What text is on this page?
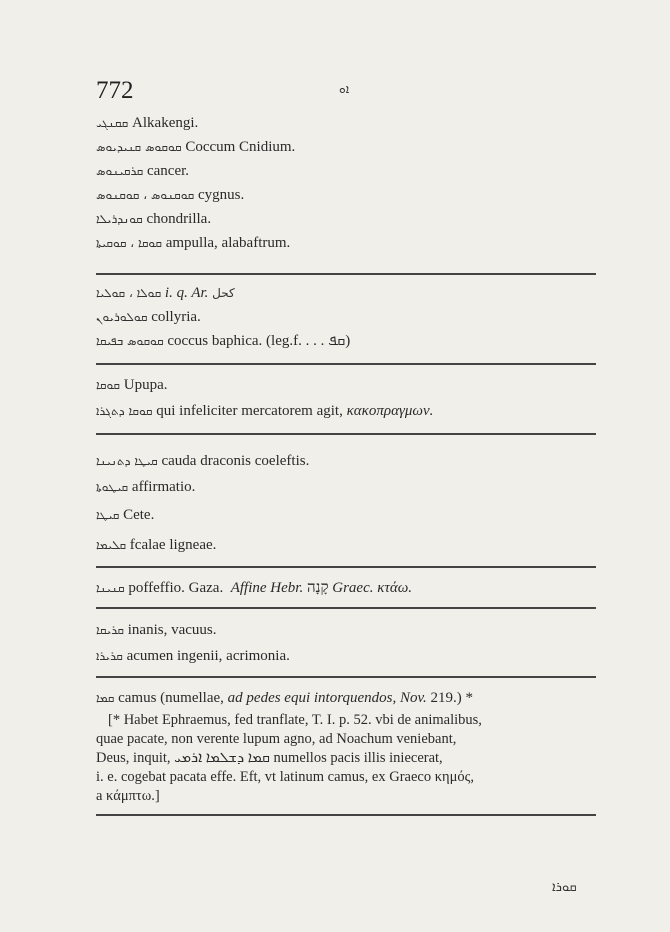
772	ܐܘ
ܩܩܢܓܝ Alkakengi.
ܩܘܩܘܣ ܩܢܝܕܝܘܣ Coccum Cnidium.
ܩܪܩܝܢܘܣ cancer.
ܩܘܩܢܘܣ ، ܩܘܩܢܘܣ cygnus.
ܩܘܢܕܪܝܠܐ chondrilla.
ܩܘܩܐ ، ܩܘܩܝܬܐ ampulla, alabaftrum.
ܩܘܠܐ ، ܩܘܠܝܐ i. q. Ar. كحل
ܩܘܠܘܪܝܘܢ collyria.
ܩܘܩܘܣ ܒܦܝܩܐ coccus baphica. (leg.f. . . . ܩܦ)
ܩܘܩܐ Upupa.
ܩܘܩܐ ܕܬܓܪܐ qui infeliciter mercatorem agit, κακοπραγμων.
ܩܝܛܐ ܕܬܢܝܢܐ cauda draconis coeleftis.
ܩܝܛܘܬܐ affirmatio.
ܩܝܛܐ Cete.
ܩܠܝܡܐ fcalae ligneae.
ܩܢܝܢܐ poffeffio. Gaza. Affine Hebr. קָנָה Graec. κτάω.
ܩܪܝܩܐ inanis, vacuus.
ܩܪܝܪܐ acumen ingenii, acrimonia.
ܩܡܐ camus (numellae, ad pedes equi intorquendos, Nov. 219.) *
[* Habet Ephraemus, fed tranflate, T. I. p. 52. vbi de animalibus,
quae pacate, non verente lupum agno, ad Noachum veniebant,
Deus, inquit, ܩܡܐ ܕܫܠܡܐ ܐܪܡܝ numellos pacis illis iniecerat,
i. e. cogebat pacata effe. Eft, vt latinum camus, ex Graeco κημός,
a κάμπτω.]
ܩܘܪܐ
